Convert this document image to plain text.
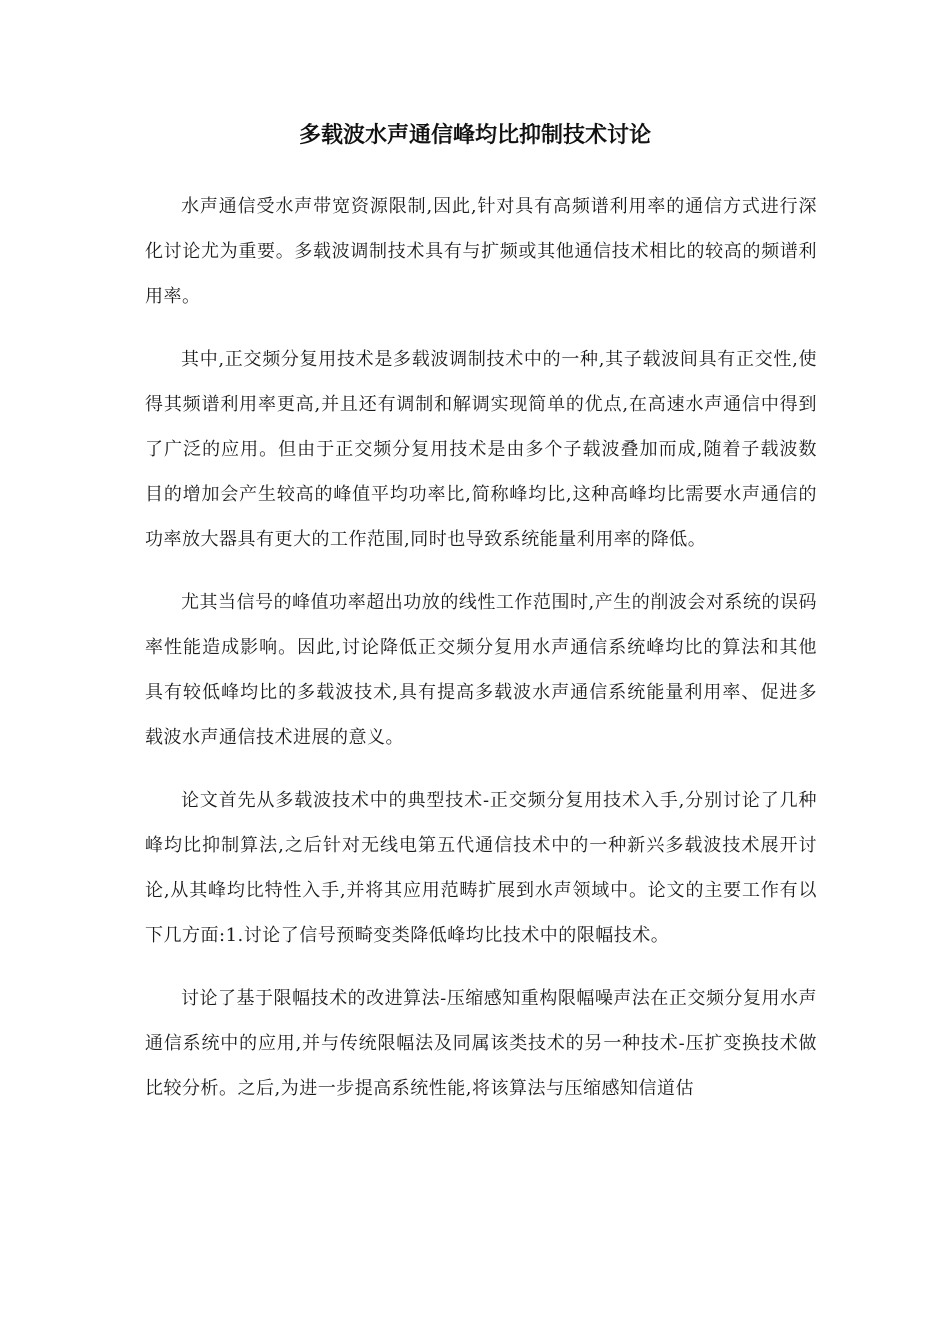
多载波水声通信峰均比抑制技术讨论

水声通信受水声带宽资源限制,因此,针对具有高频谱利用率的通信方式进行深化讨论尤为重要。多载波调制技术具有与扩频或其他通信技术相比的较高的频谱利用率。

其中,正交频分复用技术是多载波调制技术中的一种,其子载波间具有正交性,使得其频谱利用率更高,并且还有调制和解调实现简单的优点,在高速水声通信中得到了广泛的应用。但由于正交频分复用技术是由多个子载波叠加而成,随着子载波数目的增加会产生较高的峰值平均功率比,简称峰均比,这种高峰均比需要水声通信的功率放大器具有更大的工作范围,同时也导致系统能量利用率的降低。

尤其当信号的峰值功率超出功放的线性工作范围时,产生的削波会对系统的误码率性能造成影响。因此,讨论降低正交频分复用水声通信系统峰均比的算法和其他具有较低峰均比的多载波技术,具有提高多载波水声通信系统能量利用率、促进多载波水声通信技术进展的意义。

论文首先从多载波技术中的典型技术-正交频分复用技术入手,分别讨论了几种峰均比抑制算法,之后针对无线电第五代通信技术中的一种新兴多载波技术展开讨论,从其峰均比特性入手,并将其应用范畴扩展到水声领域中。论文的主要工作有以下几方面:1.讨论了信号预畸变类降低峰均比技术中的限幅技术。

讨论了基于限幅技术的改进算法-压缩感知重构限幅噪声法在正交频分复用水声通信系统中的应用,并与传统限幅法及同属该类技术的另一种技术-压扩变换技术做比较分析。之后,为进一步提高系统性能,将该算法与压缩感知信道估
